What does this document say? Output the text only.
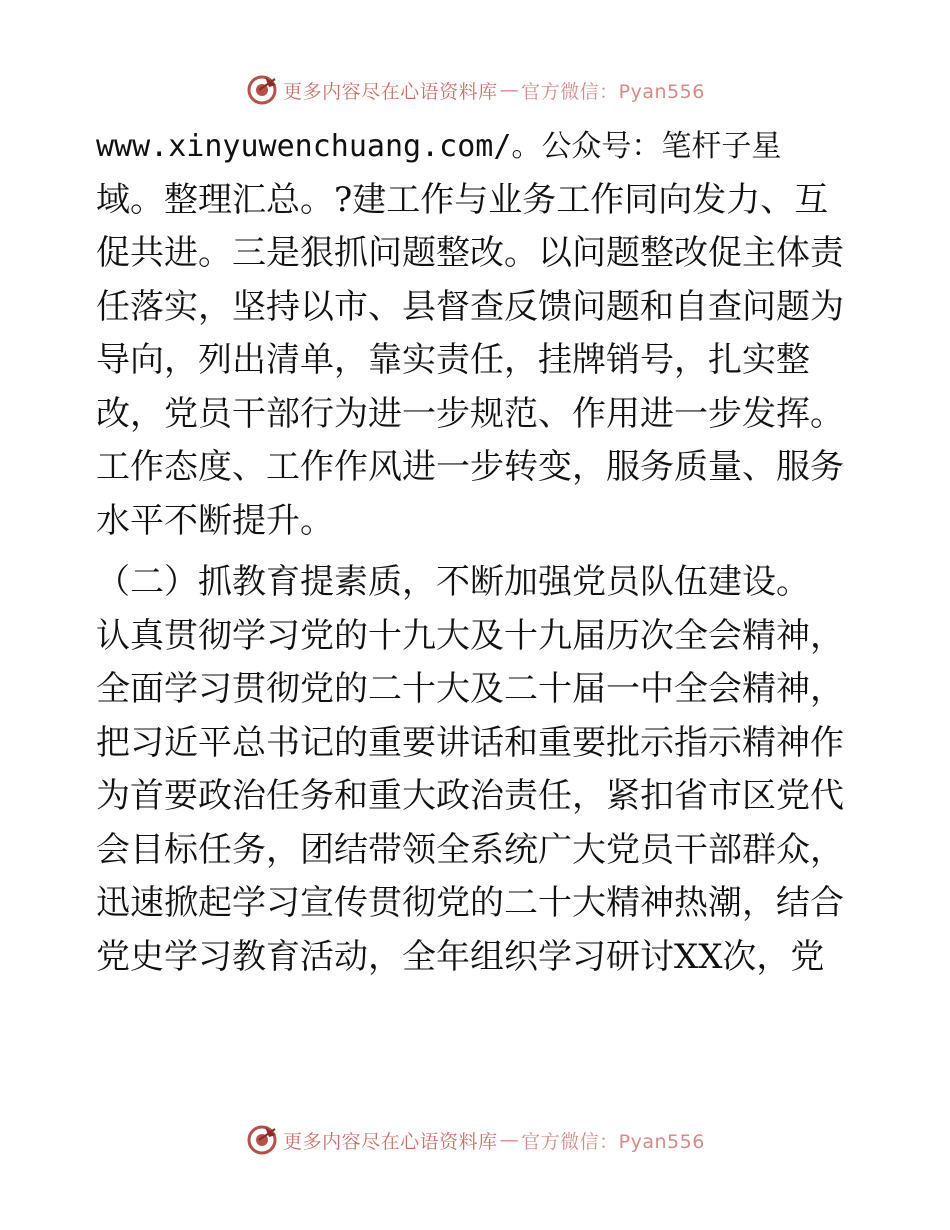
更多内容尽在心语资料库 — 官方微信：Pyan556

www.xinyuwenchuang.com/。公众号：笔杆子星
域。整理汇总。?建工作与业务工作同向发力、互
促共进。三是狠抓问题整改。以问题整改促主体责
任落实，坚持以市、县督查反馈问题和自查问题为
导向，列出清单，靠实责任，挂牌销号，扎实整
改，党员干部行为进一步规范、作用进一步发挥。
工作态度、工作作风进一步转变，服务质量、服务
水平不断提升。

（二）抓教育提素质，不断加强党员队伍建设。
认真贯彻学习党的十九大及十九届历次全会精神，
全面学习贯彻党的二十大及二十届一中全会精神，
把习近平总书记的重要讲话和重要批示指示精神作
为首要政治任务和重大政治责任，紧扣省市区党代
会目标任务，团结带领全系统广大党员干部群众，
迅速掀起学习宣传贯彻党的二十大精神热潮，结合
党史学习教育活动，全年组织学习研讨XX次，党

更多内容尽在心语资料库 — 官方微信：Pyan556
